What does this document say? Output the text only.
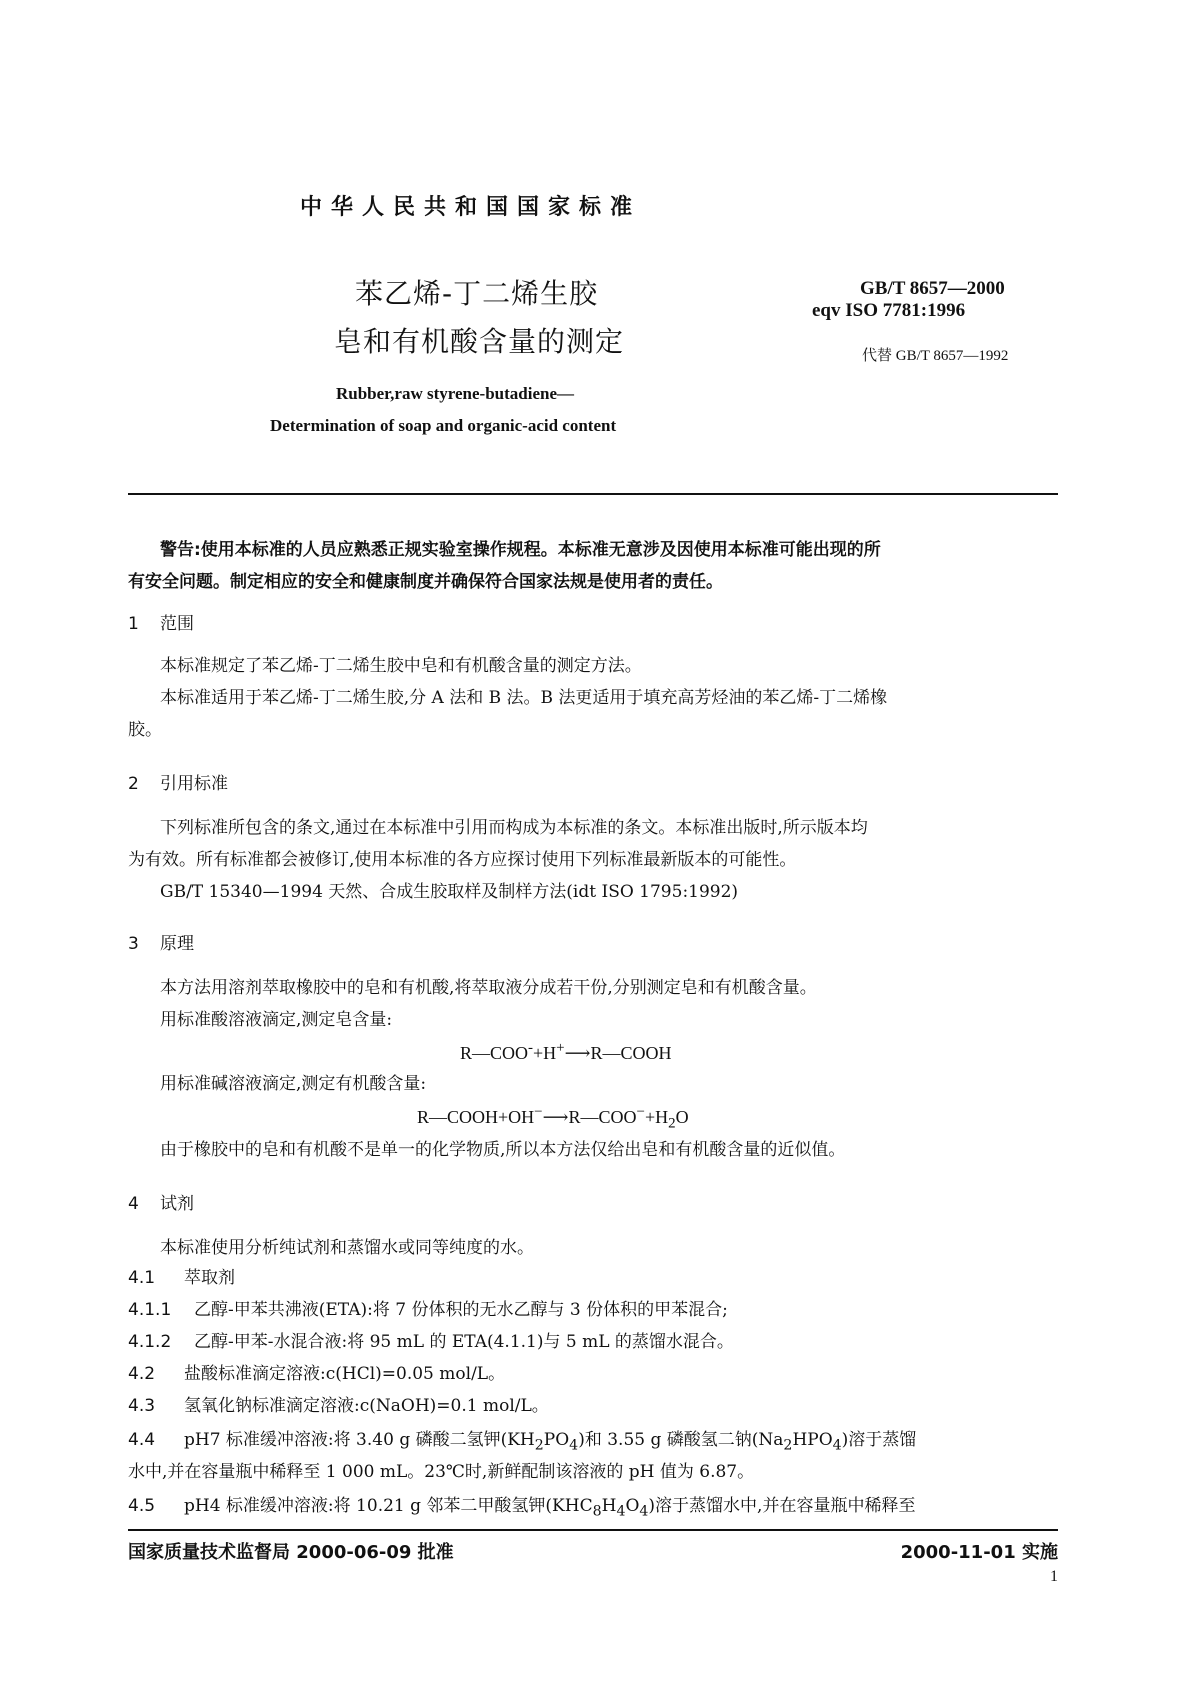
中华人民共和国国家标准
苯乙烯-丁二烯生胶
皂和有机酸含量的测定
GB/T 8657—2000
eqv ISO 7781:1996
代替 GB/T 8657—1992
Rubber,raw styrene-butadiene—
Determination of soap and organic-acid content
警告:使用本标准的人员应熟悉正规实验室操作规程。本标准无意涉及因使用本标准可能出现的所
有安全问题。制定相应的安全和健康制度并确保符合国家法规是使用者的责任。
1 范围
本标准规定了苯乙烯-丁二烯生胶中皂和有机酸含量的测定方法。
本标准适用于苯乙烯-丁二烯生胶,分 A 法和 B 法。B 法更适用于填充高芳烃油的苯乙烯-丁二烯橡
胶。
2 引用标准
下列标准所包含的条文,通过在本标准中引用而构成为本标准的条文。本标准出版时,所示版本均
为有效。所有标准都会被修订,使用本标准的各方应探讨使用下列标准最新版本的可能性。
GB/T 15340—1994 天然、合成生胶取样及制样方法(idt ISO 1795:1992)
3 原理
本方法用溶剂萃取橡胶中的皂和有机酸,将萃取液分成若干份,分别测定皂和有机酸含量。
用标准酸溶液滴定,测定皂含量:
R—COO-+H+⟶R—COOH
用标准碱溶液滴定,测定有机酸含量:
$R—COOH+OH^-⟶R—COO^-+H_2O$
由于橡胶中的皂和有机酸不是单一的化学物质,所以本方法仅给出皂和有机酸含量的近似值。
4 试剂
本标准使用分析纯试剂和蒸馏水或同等纯度的水。
4.1 萃取剂
4.1.1 乙醇-甲苯共沸液(ETA):将 7 份体积的无水乙醇与 3 份体积的甲苯混合;
4.1.2 乙醇-甲苯-水混合液:将 95 mL 的 ETA(4.1.1)与 5 mL 的蒸馏水混合。
4.2 盐酸标准滴定溶液:c(HCl)=0.05 mol/L。
4.3 氢氧化钠标准滴定溶液:c(NaOH)=0.1 mol/L。
4.4 pH7 标准缓冲溶液:将 3.40 g 磷酸二氢钾$(KH_2PO_4)$和 3.55 g 磷酸氢二钠$(Na_2HPO_4)$溶于蒸馏
水中,并在容量瓶中稀释至 1 000 mL。23℃时,新鲜配制该溶液的 pH 值为 6.87。
4.5 pH4 标准缓冲溶液:将 10.21 g 邻苯二甲酸氢钾$(KHC_8H_4O_4)$溶于蒸馏水中,并在容量瓶中稀释至
国家质量技术监督局 2000-06-09 批准	2000-11-01 实施
1
